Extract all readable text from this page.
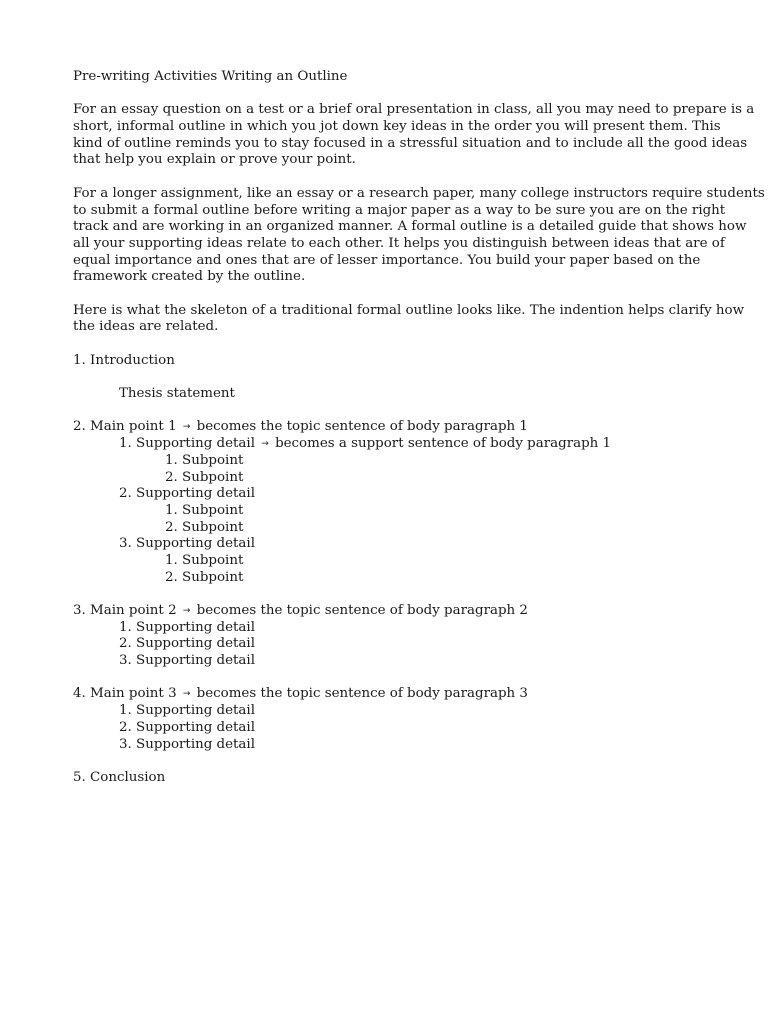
Pre-writing Activities Writing an Outline
For an essay question on a test or a brief oral presentation in class, all you may need to prepare is a
short, informal outline in which you jot down key ideas in the order you will present them. This
kind of outline reminds you to stay focused in a stressful situation and to include all the good ideas
that help you explain or prove your point.
For a longer assignment, like an essay or a research paper, many college instructors require students
to submit a formal outline before writing a major paper as a way to be sure you are on the right
track and are working in an organized manner. A formal outline is a detailed guide that shows how
all your supporting ideas relate to each other. It helps you distinguish between ideas that are of
equal importance and ones that are of lesser importance. You build your paper based on the
framework created by the outline.
Here is what the skeleton of a traditional formal outline looks like. The indention helps clarify how
the ideas are related.
1. Introduction
Thesis statement
2. Main point 1 → becomes the topic sentence of body paragraph 1
1. Supporting detail → becomes a support sentence of body paragraph 1
1. Subpoint
2. Subpoint
2. Supporting detail
1. Subpoint
2. Subpoint
3. Supporting detail
1. Subpoint
2. Subpoint
3. Main point 2 → becomes the topic sentence of body paragraph 2
1. Supporting detail
2. Supporting detail
3. Supporting detail
4. Main point 3 → becomes the topic sentence of body paragraph 3
1. Supporting detail
2. Supporting detail
3. Supporting detail
5. Conclusion
